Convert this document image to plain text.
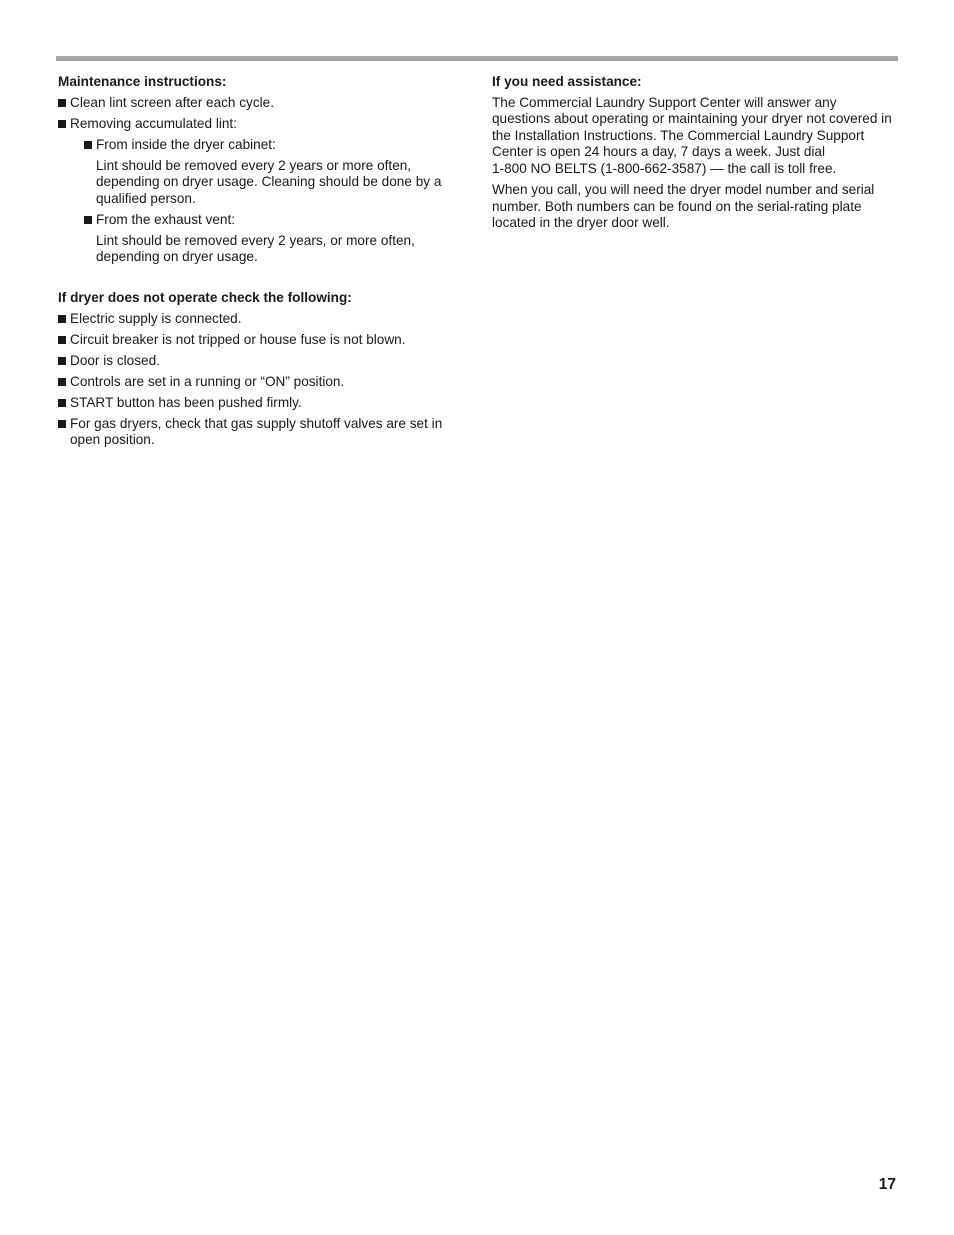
Maintenance instructions:
Clean lint screen after each cycle.
Removing accumulated lint:
From inside the dryer cabinet:
Lint should be removed every 2 years or more often, depending on dryer usage. Cleaning should be done by a qualified person.
From the exhaust vent:
Lint should be removed every 2 years, or more often, depending on dryer usage.
If dryer does not operate check the following:
Electric supply is connected.
Circuit breaker is not tripped or house fuse is not blown.
Door is closed.
Controls are set in a running or “ON” position.
START button has been pushed firmly.
For gas dryers, check that gas supply shutoff valves are set in open position.
If you need assistance:

The Commercial Laundry Support Center will answer any questions about operating or maintaining your dryer not covered in the Installation Instructions. The Commercial Laundry Support Center is open 24 hours a day, 7 days a week. Just dial
1-800 NO BELTS (1-800-662-3587) — the call is toll free.

When you call, you will need the dryer model number and serial number. Both numbers can be found on the serial-rating plate located in the dryer door well.

17
